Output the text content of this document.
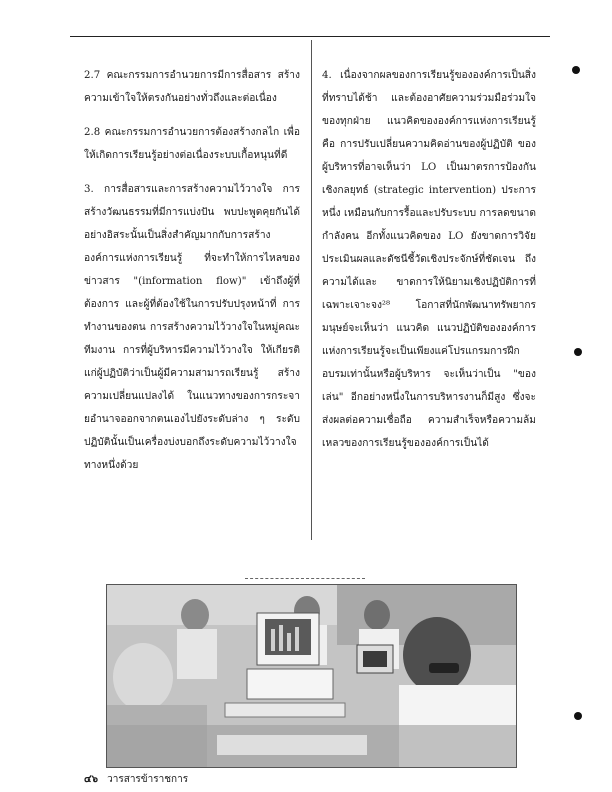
2.7 คณะกรรมการอำนวยการมีการสื่อสาร สร้างความเข้าใจให้ตรงกันอย่างทั่วถึงและต่อเนื่อง

2.8 คณะกรรมการอำนวยการต้องสร้างกลไก เพื่อให้เกิดการเรียนรู้อย่างต่อเนื่องระบบเกื้อหนุนที่ดี

3. การสื่อสารและการสร้างความไว้วางใจ การสร้างวัฒนธรรมที่มีการแบ่งปัน พบปะพูดคุยกันได้อย่างอิสระนั้นเป็นสิ่งสำคัญมากกับการสร้างองค์การแห่งการเรียนรู้ ที่จะทำให้การไหลของข่าวสาร "(information flow)" เข้าถึงผู้ที่ต้องการ และผู้ที่ต้องใช้ในการปรับปรุงหน้าที่ การทำงานของตน การสร้างความไว้วางใจในหมู่คณะ ทีมงาน การที่ผู้บริหารมีความไว้วางใจ ให้เกียรติแก่ผู้ปฏิบัติว่าเป็นผู้มีความสามารถเรียนรู้ สร้างความเปลี่ยนแปลงได้ ในแนวทางของการกระจายอำนาจออกจากตนเองไปยังระดับล่าง ๆ ระดับปฏิบัตินั้นเป็นเครื่องบ่งบอกถึงระดับความไว้วางใจทางหนึ่งด้วย

4. เนื่องจากผลของการเรียนรู้ขององค์การเป็นสิ่งที่ทราบได้ช้า และต้องอาศัยความร่วมมือร่วมใจของทุกฝ่าย แนวคิดขององค์การแห่งการเรียนรู้ คือ การปรับเปลี่ยนความคิดอ่านของผู้ปฏิบัติ ของผู้บริหารที่อาจเห็นว่า LO เป็นมาตรการป้องกันเชิงกลยุทธ์ (strategic intervention) ประการหนึ่ง เหมือนกับการรื้อและปรับระบบ การลดขนาดกำลังคน อีกทั้งแนวคิดของ LO ยังขาดการวิจัยประเมินผลและดัชนีชี้วัดเชิงประจักษ์ที่ชัดเจน ถึงความได้และ ขาดการให้นิยามเชิงปฏิบัติการที่เฉพาะเจาะจง²⁸ โอกาสที่นักพัฒนาทรัพยากรมนุษย์จะเห็นว่า แนวคิด แนวปฏิบัติขององค์การแห่งการเรียนรู้จะเป็นเพียงแค่โปรแกรมการฝึกอบรมเท่านั้นหรือผู้บริหาร จะเห็นว่าเป็น "ของเล่น" อีกอย่างหนึ่งในการบริหารงานก็มีสูง ซึ่งจะส่งผลต่อความเชื่อถือ ความสำเร็จหรือความล้มเหลวของการเรียนรู้ขององค์การเป็นได้

๔๖ วารสารข้าราชการ
